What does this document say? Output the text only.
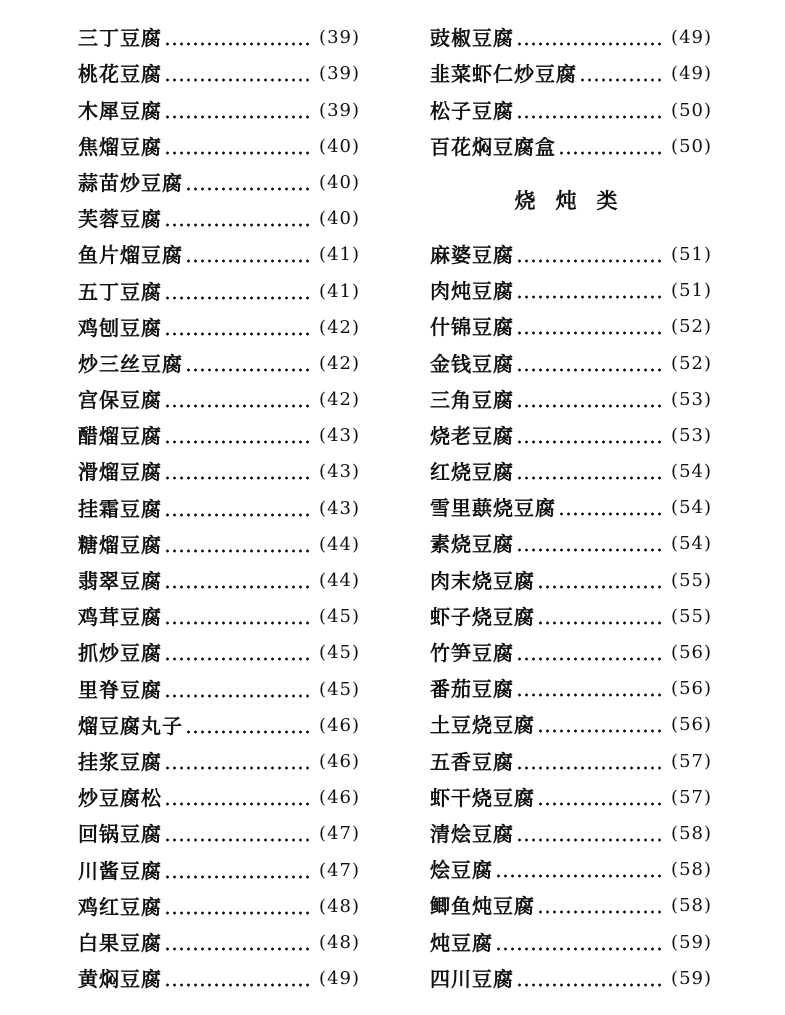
三丁豆腐	(39)
桃花豆腐	(39)
木犀豆腐	(39)
焦熘豆腐	(40)
蒜苗炒豆腐	(40)
芙蓉豆腐	(40)
鱼片熘豆腐	(41)
五丁豆腐	(41)
鸡刨豆腐	(42)
炒三丝豆腐	(42)
宫保豆腐	(42)
醋熘豆腐	(43)
滑熘豆腐	(43)
挂霜豆腐	(43)
糖熘豆腐	(44)
翡翠豆腐	(44)
鸡茸豆腐	(45)
抓炒豆腐	(45)
里脊豆腐	(45)
熘豆腐丸子	(46)
挂浆豆腐	(46)
炒豆腐松	(46)
回锅豆腐	(47)
川酱豆腐	(47)
鸡红豆腐	(48)
白果豆腐	(48)
黄焖豆腐	(49)
豉椒豆腐	(49)
韭菜虾仁炒豆腐	(49)
松子豆腐	(50)
百花焖豆腐盒	(50)
烧炖类
麻婆豆腐	(51)
肉炖豆腐	(51)
什锦豆腐	(52)
金钱豆腐	(52)
三角豆腐	(53)
烧老豆腐	(53)
红烧豆腐	(54)
雪里蕻烧豆腐	(54)
素烧豆腐	(54)
肉末烧豆腐	(55)
虾子烧豆腐	(55)
竹笋豆腐	(56)
番茄豆腐	(56)
土豆烧豆腐	(56)
五香豆腐	(57)
虾干烧豆腐	(57)
清烩豆腐	(58)
烩豆腐	(58)
鲫鱼炖豆腐	(58)
炖豆腐	(59)
四川豆腐	(59)
